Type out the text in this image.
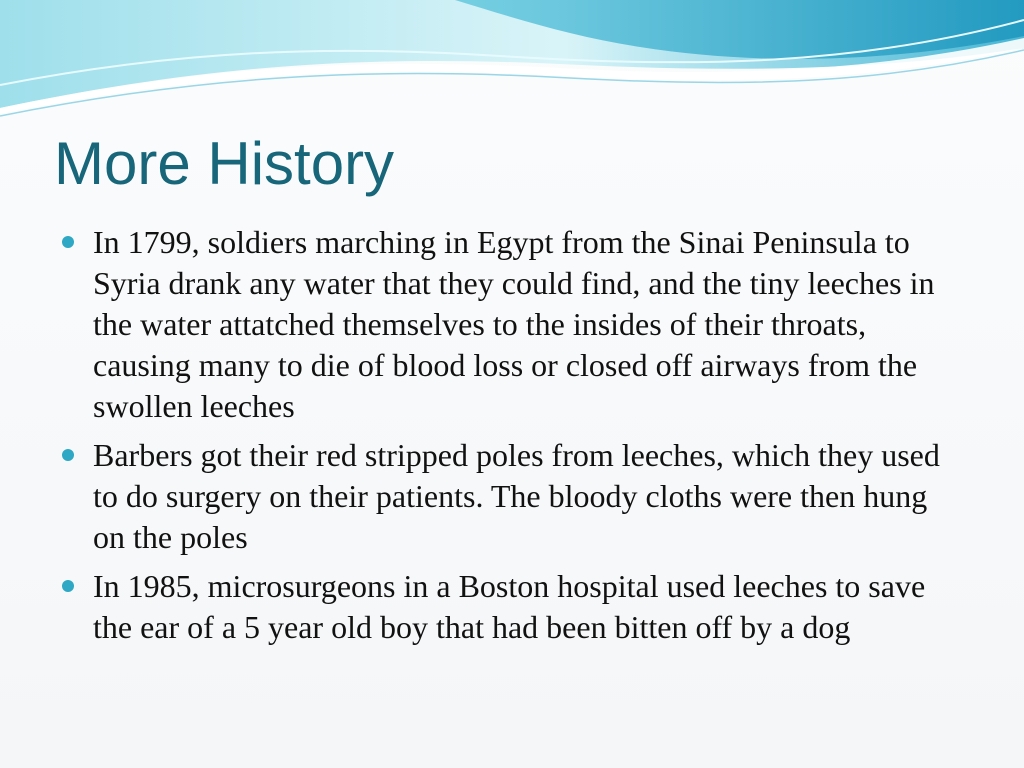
More History
In 1799, soldiers marching in Egypt from the Sinai Peninsula to Syria drank any water that they could find, and the tiny leeches in the water attatched themselves to the insides of their throats, causing many to die of blood loss or closed off airways from the swollen leeches
Barbers got their red stripped poles from leeches, which they used to do surgery on their patients. The bloody cloths were then hung on the poles
In 1985, microsurgeons in a Boston hospital used leeches to save the ear of a 5 year old boy that had been bitten off by a dog
